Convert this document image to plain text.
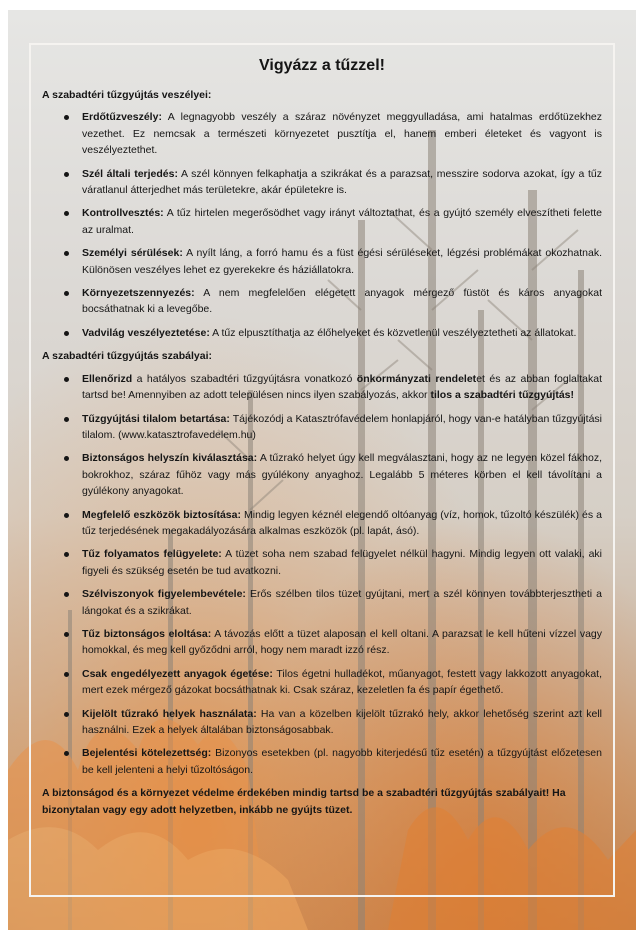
Vigyázz a tűzzel!
A szabadtéri tűzgyújtás veszélyei:
Erdőtűzveszély: A legnagyobb veszély a száraz növényzet meggyulladása, ami hatalmas erdőtüzekhez vezethet. Ez nemcsak a természeti környezetet pusztítja el, hanem emberi életeket és vagyont is veszélyeztethet.
Szél általi terjedés: A szél könnyen felkaphatja a szikrákat és a parazsat, messzire sodorva azokat, így a tűz váratlanul átterjedhet más területekre, akár épületekre is.
Kontrollvesztés: A tűz hirtelen megerősödhet vagy irányt változtathat, és a gyújtó személy elveszítheti felette az uralmat.
Személyi sérülések: A nyílt láng, a forró hamu és a füst égési sérüléseket, légzési problémákat okozhatnak. Különösen veszélyes lehet ez gyerekekre és háziállatokra.
Környezetszennyezés: A nem megfelelően elégetett anyagok mérgező füstöt és káros anyagokat bocsáthatnak ki a levegőbe.
Vadvilág veszélyeztetése: A tűz elpusztíthatja az élőhelyeket és közvetlenül veszélyeztetheti az állatokat.
A szabadtéri tűzgyújtás szabályai:
Ellenőrizd a hatályos szabadtéri tűzgyújtásra vonatkozó önkormányzati rendeletet és az abban foglaltakat tartsd be! Amennyiben az adott településen nincs ilyen szabályozás, akkor tilos a szabadtéri tűzgyújtás!
Tűzgyújtási tilalom betartása: Tájékozódj a Katasztrófavédelem honlapjáról, hogy van-e hatályban tűzgyújtási tilalom. (www.katasztrofavedelem.hu)
Biztonságos helyszín kiválasztása: A tűzrakó helyet úgy kell megválasztani, hogy az ne legyen közel fákhoz, bokrokhoz, száraz fűhöz vagy más gyúlékony anyaghoz. Legalább 5 méteres körben el kell távolítani a gyúlékony anyagokat.
Megfelelő eszközök biztosítása: Mindig legyen kéznél elegendő oltóanyag (víz, homok, tűzoltó készülék) és a tűz terjedésének megakadályozására alkalmas eszközök (pl. lapát, ásó).
Tűz folyamatos felügyelete: A tüzet soha nem szabad felügyelet nélkül hagyni. Mindig legyen ott valaki, aki figyeli és szükség esetén be tud avatkozni.
Szélviszonyok figyelembevétele: Erős szélben tilos tüzet gyújtani, mert a szél könnyen továbbterjesztheti a lángokat és a szikrákat.
Tűz biztonságos eloltása: A távozás előtt a tüzet alaposan el kell oltani. A parazsat le kell hűteni vízzel vagy homokkal, és meg kell győződni arról, hogy nem maradt izzó rész.
Csak engedélyezett anyagok égetése: Tilos égetni hulladékot, műanyagot, festett vagy lakkozott anyagokat, mert ezek mérgező gázokat bocsáthatnak ki. Csak száraz, kezeletlen fa és papír égethető.
Kijelölt tűzrakó helyek használata: Ha van a közelben kijelölt tűzrakó hely, akkor lehetőség szerint azt kell használni. Ezek a helyek általában biztonságosabbak.
Bejelentési kötelezettség: Bizonyos esetekben (pl. nagyobb kiterjedésű tűz esetén) a tűzgyújtást előzetesen be kell jelenteni a helyi tűzoltóságon.
A biztonságod és a környezet védelme érdekében mindig tartsd be a szabadtéri tűzgyújtás szabályait! Ha bizonytalan vagy egy adott helyzetben, inkább ne gyújts tüzet.
